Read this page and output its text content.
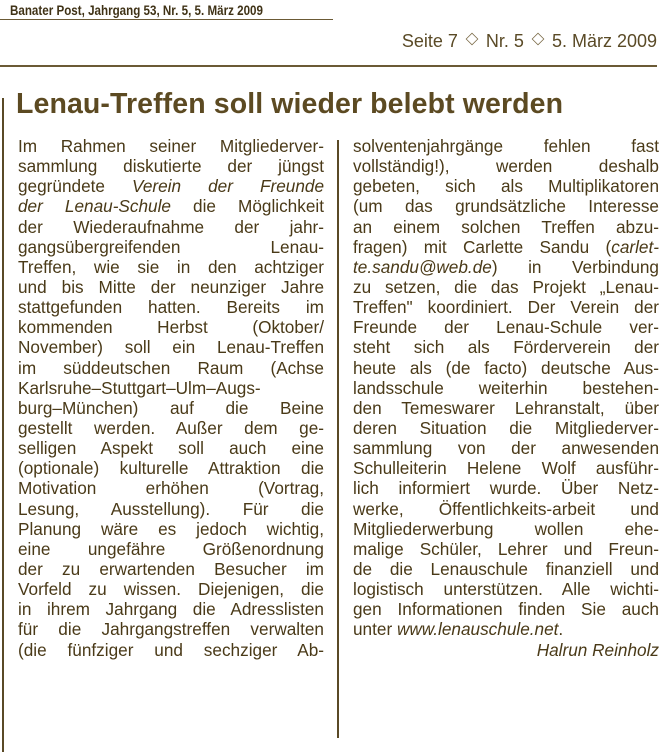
Banater Post, Jahrgang 53, Nr. 5, 5. März 2009
Seite 7 Nr. 5 5. März 2009
Lenau-Treffen soll wieder belebt werden
Im Rahmen seiner Mitgliederver-
sammlung diskutierte der jüngst
gegründete Verein der Freunde
der Lenau-Schule die Möglichkeit
der Wiederaufnahme der jahr-
gangsübergreifenden Lenau-
Treffen, wie sie in den achtziger
und bis Mitte der neunziger Jahre
stattgefunden hatten. Bereits im
kommenden Herbst (Oktober/
November) soll ein Lenau-Treffen
im süddeutschen Raum (Achse
Karlsruhe–Stuttgart–Ulm–Augs-
burg–München) auf die Beine
gestellt werden. Außer dem ge-
selligen Aspekt soll auch eine
(optionale) kulturelle Attraktion die
Motivation erhöhen (Vortrag,
Lesung, Ausstellung). Für die
Planung wäre es jedoch wichtig,
eine ungefähre Größenordnung
der zu erwartenden Besucher im
Vorfeld zu wissen. Diejenigen, die
in ihrem Jahrgang die Adresslisten
für die Jahrgangstreffen verwalten
(die fünfziger und sechziger Ab-
solventenjahrgänge fehlen fast
vollständig!), werden deshalb
gebeten, sich als Multiplikatoren
(um das grundsätzliche Interesse
an einem solchen Treffen abzu-
fragen) mit Carlette Sandu (carlet-
te.sandu@web.de) in Verbindung
zu setzen, die das Projekt „Lenau-
Treffen" koordiniert. Der Verein der
Freunde der Lenau-Schule ver-
steht sich als Förderverein der
heute als (de facto) deutsche Aus-
landsschule weiterhin bestehen-
den Temeswarer Lehranstalt, über
deren Situation die Mitgliederver-
sammlung von der anwesenden
Schulleiterin Helene Wolf ausführ-
lich informiert wurde. Über Netz-
werke, Öffentlichkeits-arbeit und
Mitgliederwerbung wollen ehe-
malige Schüler, Lehrer und Freun-
de die Lenauschule finanziell und
logistisch unterstützen. Alle wichti-
gen Informationen finden Sie auch
unter www.lenauschule.net.
Halrun Reinholz
